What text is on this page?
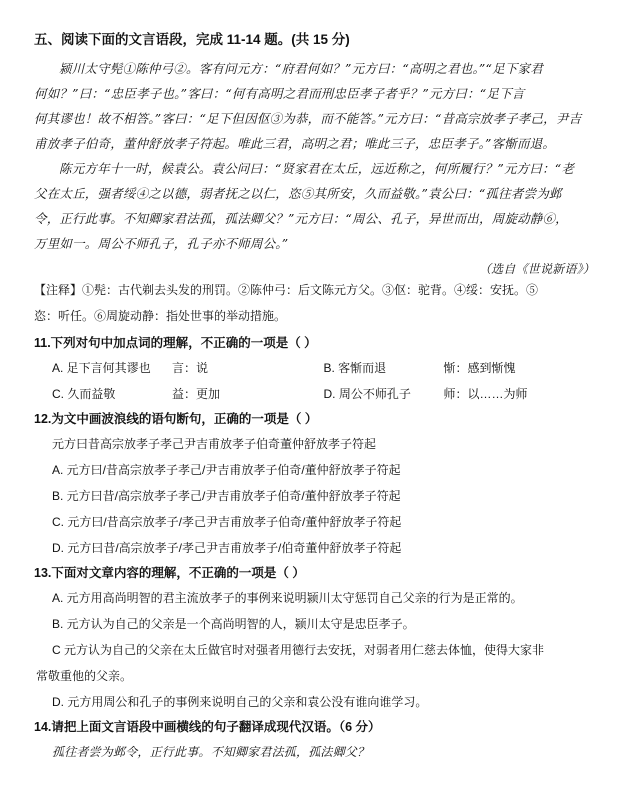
五、阅读下面的文言语段，完成 11-14 题。(共 15 分)

颍川太守髡①陈仲弓②。客有问元方：“府君何如？”元方曰：“高明之君也。”“足下家君

何如？”曰：“忠臣孝子也。”客曰：“何有高明之君而刑忠臣孝子者乎？”元方曰：“足下言

何其谬也！故不相答。”客曰：“足下但因伛③为恭，而不能答。”元方曰：“昔高宗放孝子孝己，尹吉

甫放孝子伯奇，董仲舒放孝子符起。唯此三君，高明之君；唯此三子，忠臣孝子。”客惭而退。

陈元方年十一时，候袁公。袁公问曰：“贤家君在太丘，远近称之，何所履行？”元方曰：“老

父在太丘，强者绥④之以德，弱者抚之以仁，恣⑤其所安，久而益敬。”袁公曰：“孤往者尝为邺

令，正行此事。不知卿家君法孤，孤法卿父？”元方曰：“周公、孔子，异世而出，周旋动静⑥，

万里如一。周公不师孔子，孔子亦不师周公。”

（选自《世说新语》）

【注释】①髡：古代剃去头发的刑罚。②陈仲弓：后文陈元方父。③伛：驼背。④绥：安抚。⑤

恣：听任。⑥周旋动静：指处世事的举动措施。

11.下列对句中加点词的理解，不正确的一项是（ ）

A. 足下言何其谬也	言：说	B. 客惭而退	惭：感到惭愧
C. 久而益敬	益：更加	D. 周公不师孔子	师：以……为师

12.为文中画波浪线的语句断句，正确的一项是（ ）

元方曰昔高宗放孝子孝己尹吉甫放孝子伯奇董仲舒放孝子符起

A. 元方曰/昔高宗放孝子孝己/尹吉甫放孝子伯奇/董仲舒放孝子符起

B. 元方曰昔/高宗放孝子孝己/尹吉甫放孝子伯奇/董仲舒放孝子符起

C. 元方曰/昔高宗放孝子/孝己尹吉甫放孝子伯奇/董仲舒放孝子符起

D. 元方曰昔/高宗放孝子/孝己尹吉甫放孝子/伯奇董仲舒放孝子符起

13.下面对文章内容的理解，不正确的一项是（ ）

A. 元方用高尚明智的君主流放孝子的事例来说明颍川太守惩罚自己父亲的行为是正常的。

B. 元方认为自己的父亲是一个高尚明智的人，颍川太守是忠臣孝子。

C 元方认为自己的父亲在太丘做官时对强者用德行去安抚，对弱者用仁慈去体恤，使得大家非

常敬重他的父亲。

D. 元方用周公和孔子的事例来说明自己的父亲和袁公没有谁向谁学习。

14.请把上面文言语段中画横线的句子翻译成现代汉语。（6 分）

孤往者尝为邺令，正行此事。不知卿家君法孤，孤法卿父？
